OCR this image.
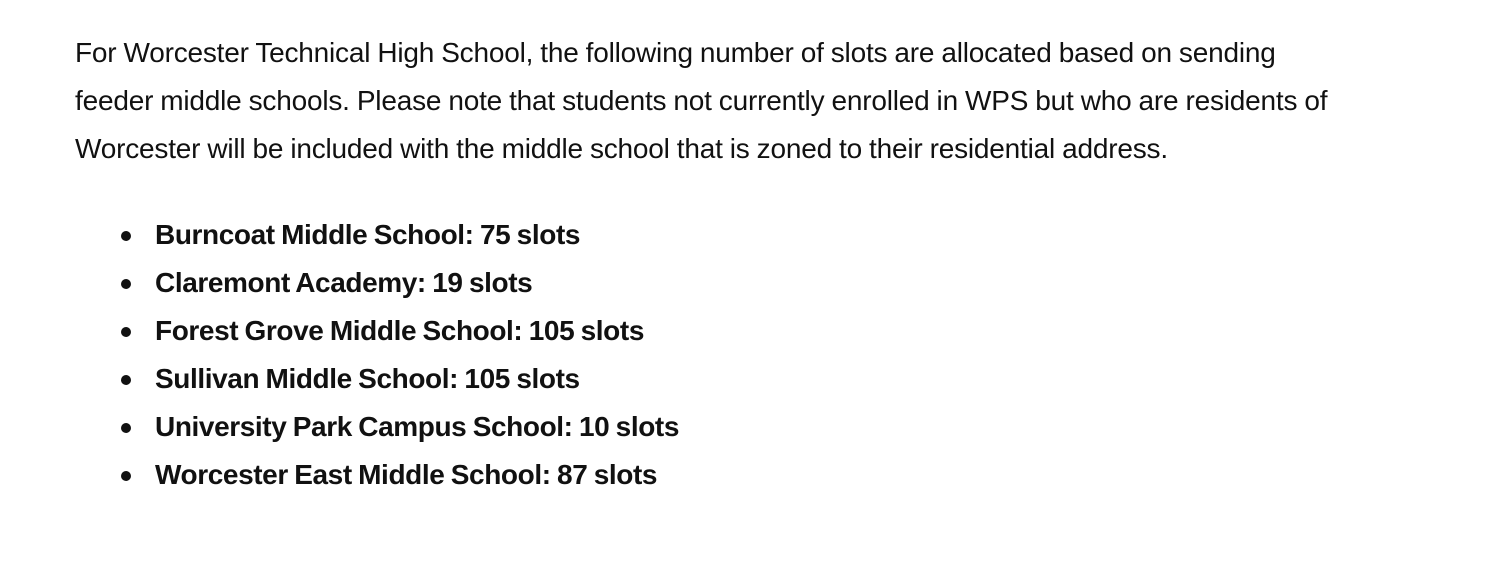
For Worcester Technical High School, the following number of slots are allocated based on sending
feeder middle schools. Please note that students not currently enrolled in WPS but who are residents of
Worcester will be included with the middle school that is zoned to their residential address.

Burncoat Middle School: 75 slots
Claremont Academy: 19 slots
Forest Grove Middle School: 105 slots
Sullivan Middle School: 105 slots
University Park Campus School: 10 slots
Worcester East Middle School: 87 slots
